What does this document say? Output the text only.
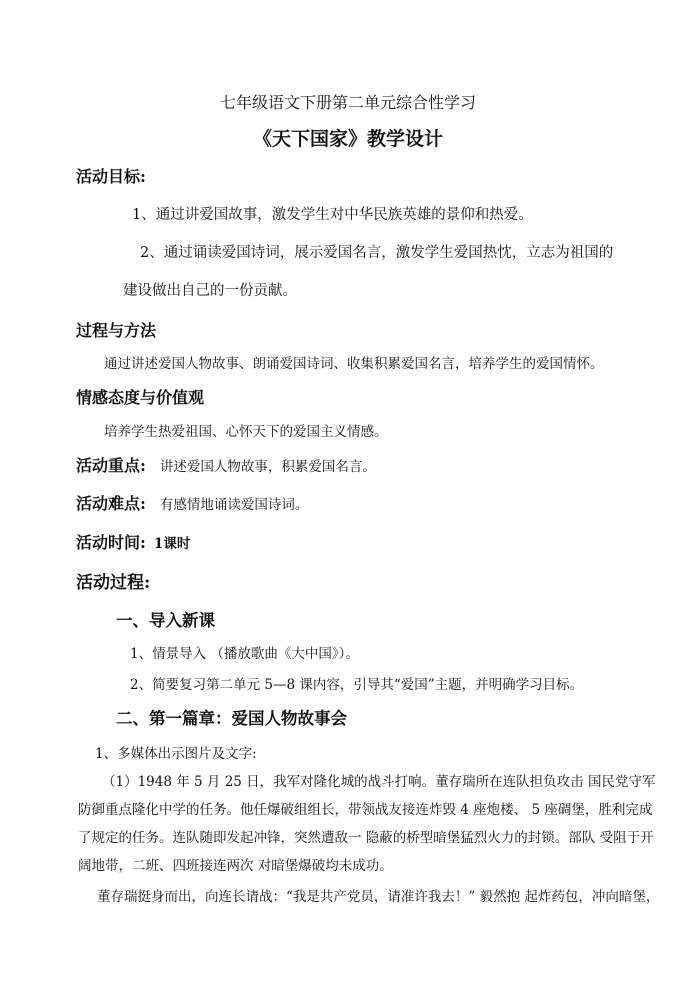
七年级语文下册第二单元综合性学习
《天下国家》教学设计
活动目标:
1、通过讲爱国故事，激发学生对中华民族英雄的景仰和热爱。
2、通过诵读爱国诗词，展示爱国名言，激发学生爱国热忱，立志为祖国的
建设做出自己的一份贡献。
过程与方法
通过讲述爱国人物故事、朗诵爱国诗词、收集积累爱国名言，培养学生的爱国情怀。
情感态度与价值观
培养学生热爱祖国、心怀天下的爱国主义情感。
活动重点: 讲述爱国人物故事，积累爱国名言。
活动难点: 有感情地诵读爱国诗词。
活动时间: 1课时
活动过程:
一、导入新课
1、情景导入 （播放歌曲《大中国》）。
2、简要复习第二单元 5—8 课内容，引导其“爱国”主题，并明确学习目标。
二、第一篇章：爱国人物故事会
1、多媒体出示图片及文字:
（1）1948 年 5 月 25 日，我军对隆化城的战斗打响。董存瑞所在连队担负攻击 国民党守军
防御重点隆化中学的任务。他任爆破组组长，带领战友接连炸毁 4 座炮楼、 5 座碉堡，胜利完成
了规定的任务。连队随即发起冲锋，突然遭敌一 隐蔽的桥型暗堡猛烈火力的封锁。部队 受阻于开
阔地带，二班、四班接连两次 对暗堡爆破均未成功。
董存瑞挺身而出，向连长请战：“我是共产党员，请准许我去！” 毅然抱 起炸药包，冲向暗堡，
